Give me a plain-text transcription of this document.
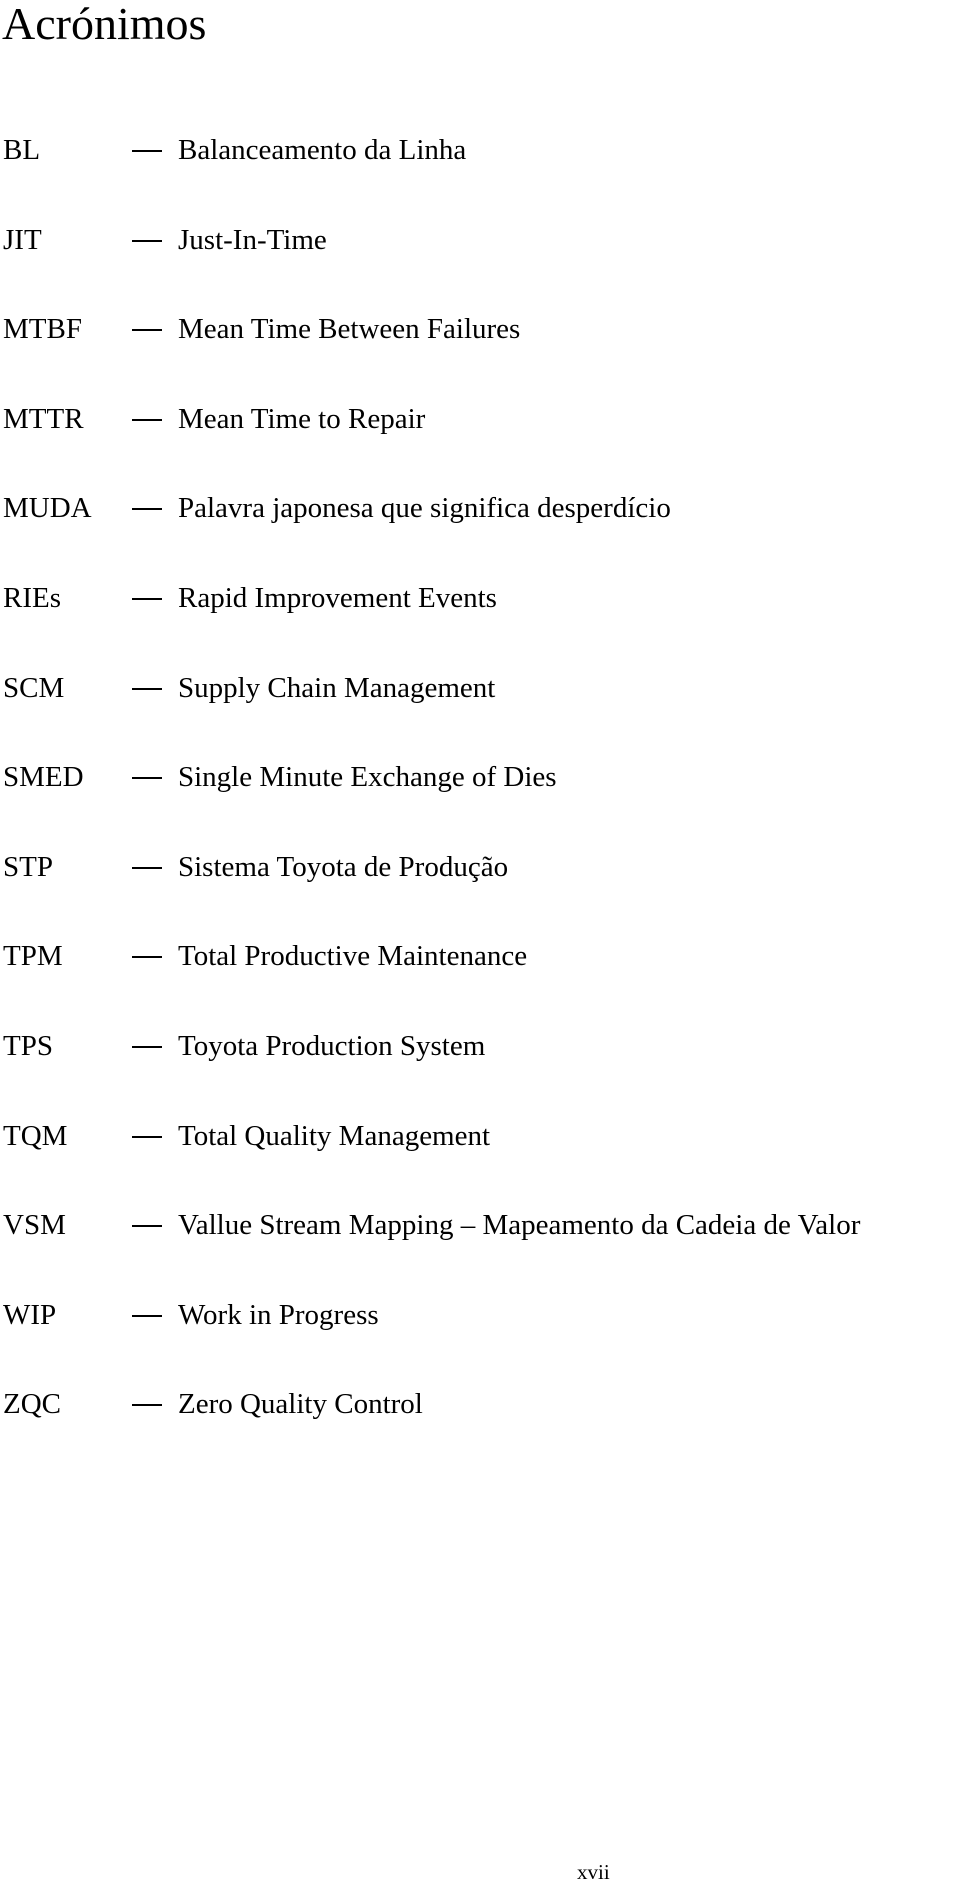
Acrónimos
BL	Balanceamento da Linha
JIT	Just-In-Time
MTBF	Mean Time Between Failures
MTTR	Mean Time to Repair
MUDA	Palavra japonesa que significa desperdício
RIEs	Rapid Improvement Events
SCM	Supply Chain Management
SMED	Single Minute Exchange of Dies
STP	Sistema Toyota de Produção
TPM	Total Productive Maintenance
TPS	Toyota Production System
TQM	Total Quality Management
VSM	Vallue Stream Mapping – Mapeamento da Cadeia de Valor
WIP	Work in Progress
ZQC	Zero Quality Control
xvii
